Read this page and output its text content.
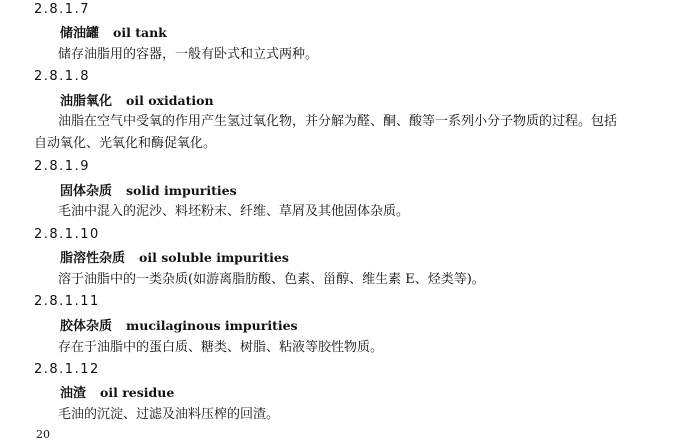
2.8.1.7
储油罐 oil tank
储存油脂用的容器，一般有卧式和立式两种。
2.8.1.8
油脂氧化 oil oxidation
油脂在空气中受氧的作用产生氢过氧化物，并分解为醛、酮、酸等一系列小分子物质的过程。包括
自动氧化、光氧化和酶促氧化。
2.8.1.9
固体杂质 solid impurities
毛油中混入的泥沙、料坯粉末、纤维、草屑及其他固体杂质。
2.8.1.10
脂溶性杂质 oil soluble impurities
溶于油脂中的一类杂质(如游离脂肪酸、色素、甾醇、维生素 E、烃类等)。
2.8.1.11
胶体杂质 mucilaginous impurities
存在于油脂中的蛋白质、糖类、树脂、粘液等胶性物质。
2.8.1.12
油渣 oil residue
毛油的沉淀、过滤及油料压榨的回渣。
20
